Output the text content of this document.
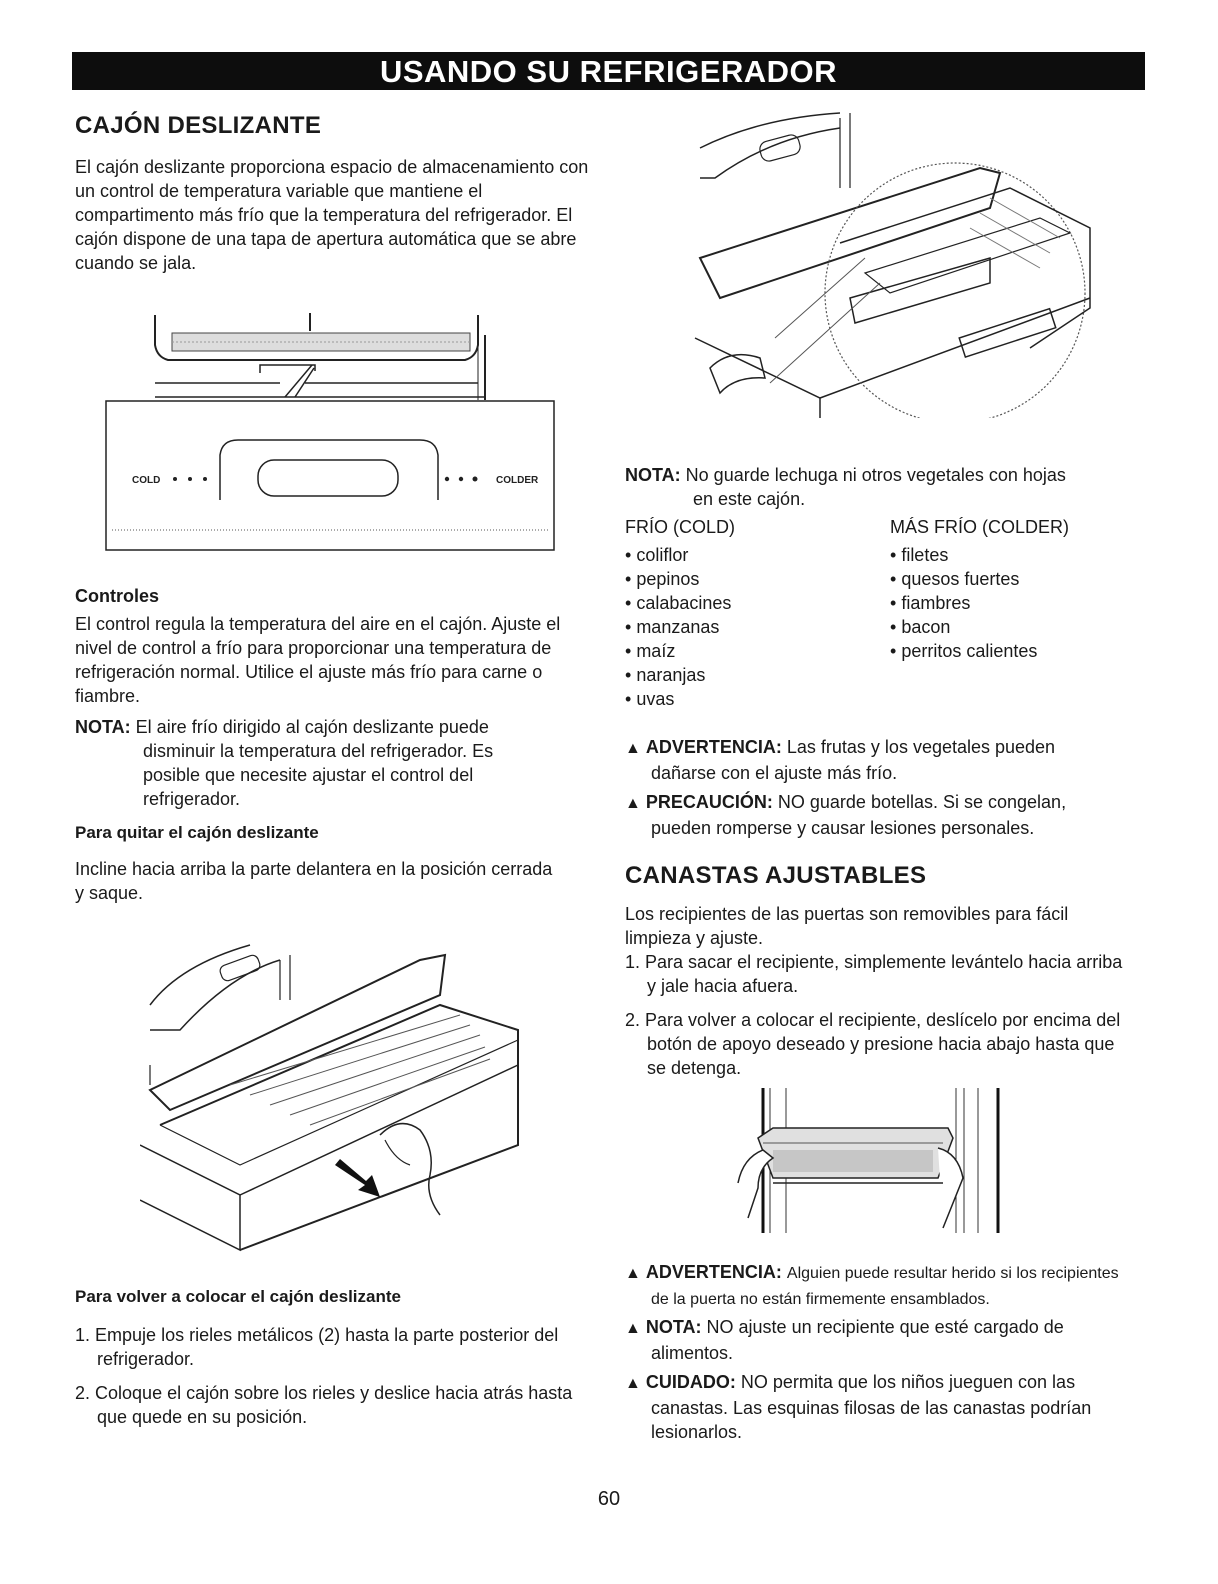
USANDO SU REFRIGERADOR
CAJÓN DESLIZANTE

El cajón deslizante proporciona espacio de almacenamiento con un control de temperatura variable que mantiene el compartimento más frío que la temperatura del refrigerador. El cajón dispone de una tapa de apertura automática que se abre cuando se jala.

COLD	COLDER
Controles

El control regula la temperatura del aire en el cajón. Ajuste el nivel de control a frío para proporcionar una temperatura de refrigeración normal. Utilice el ajuste más frío para carne o fiambre.

NOTA: El aire frío dirigido al cajón deslizante puede
disminuir la temperatura del refrigerador. Es posible que necesite ajustar el control del refrigerador.
Para quitar el cajón deslizante

Incline hacia arriba la parte delantera en la posición cerrada y saque.

Para volver a colocar el cajón deslizante
1. Empuje los rieles metálicos (2) hasta la parte posterior del refrigerador.
2. Coloque el cajón sobre los rieles y deslice hacia atrás hasta que quede en su posición.
NOTA: No guarde lechuga ni otros vegetales con hojas
en este cajón.
FRÍO (COLD)	MÁS FRÍO (COLDER)
• coliflor
• pepinos
• calabacines
• manzanas
• maíz
• naranjas
• uvas
• filetes
• quesos fuertes
• fiambres
• bacon
• perritos calientes
▲ ADVERTENCIA: Las frutas y los vegetales pueden dañarse con el ajuste más frío.
▲ PRECAUCIÓN: NO guarde botellas. Si se congelan, pueden romperse y causar lesiones personales.
CANASTAS AJUSTABLES

Los recipientes de las puertas son removibles para fácil limpieza y ajuste.

1. Para sacar el recipiente, simplemente levántelo hacia arriba y jale hacia afuera.
2. Para volver a colocar el recipiente, deslícelo por encima del botón de apoyo deseado y presione hacia abajo hasta que se detenga.
▲ ADVERTENCIA: Alguien puede resultar herido si los recipientes de la puerta no están firmemente ensamblados.
▲ NOTA: NO ajuste un recipiente que esté cargado de alimentos.
▲ CUIDADO: NO permita que los niños jueguen con las canastas. Las esquinas filosas de las canastas podrían lesionarlos.
60
